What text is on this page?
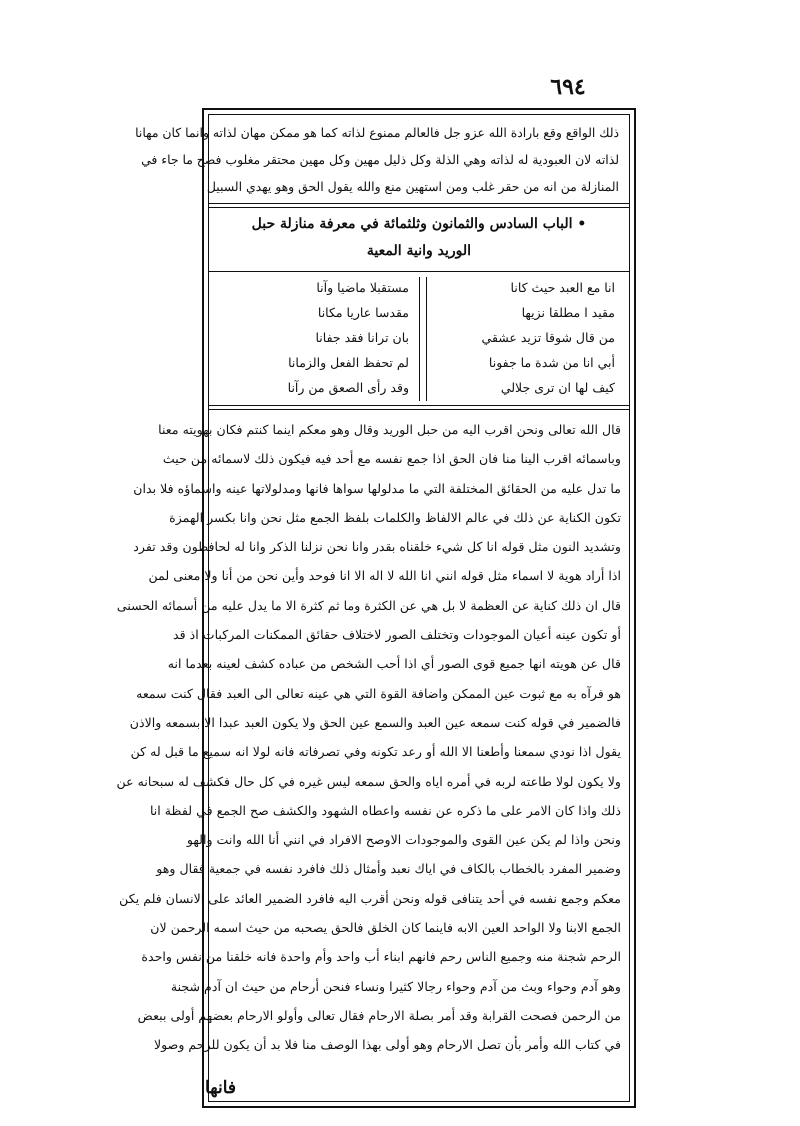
٦٩٤
ذلك الواقع وقع بارادة الله عزو جل فالعالم ممنوع لذاته كما هو ممكن مهان لذاته وانما كان مهانا
لذاته لان العبودية له لذاته وهي الذلة وكل ذليل مهين وكل مهين محتقر مغلوب فصح ما جاء في
المنازلة من انه من حقر غلب ومن استهين منع والله يقول الحق وهو يهدي السبيل
• الباب السادس والثمانون وثلثمائة في معرفة منازلة حبل
الوريد وانية المعية
انا مع العبد حيث كانا
مقيد ا مطلقا نزيها
من قال شوقا تزيد عشقي
أبي انا من شدة ما جفونا
كيف لها ان ترى جلالي
مستقبلا ماضيا وآنا
مقدسا عاريا مكانا
بان ترانا فقد جفانا
لم تحفظ الفعل والزمانا
وقد رأى الصعق من رآنا
قال الله تعالى ونحن اقرب اليه من حبل الوريد وقال وهو معكم اينما كنتم فكان بهويته معنا
وباسمائه اقرب الينا منا فان الحق اذا جمع نفسه مع أحد فيه فيكون ذلك لاسمائه من حيث
ما تدل عليه من الحقائق المختلفة التي ما مدلولها سواها فانها ومدلولاتها عينه واسماؤه فلا بدان
تكون الكناية عن ذلك في عالم الالفاظ والكلمات بلفظ الجمع مثل نحن وانا بكسر الهمزة
وتشديد النون مثل قوله انا كل شيء خلقناه بقدر وانا نحن نزلنا الذكر وانا له لحافظون وقد تفرد
اذا أراد هوية لا اسماء مثل قوله انني انا الله لا اله الا انا فوحد وأين نحن من أنا ولا معنى لمن
قال ان ذلك كناية عن العظمة لا بل هي عن الكثرة وما ثم كثرة الا ما يدل عليه من أسمائه الحسنى
أو تكون عينه أعيان الموجودات وتختلف الصور لاختلاف حقائق الممكنات المركبات اذ قد
قال عن هويته انها جميع قوى الصور أي اذا أحب الشخص من عباده كشف لعينه بعدما انه
هو فرآه به مع ثبوت عين الممكن واضافة القوة التي هي عينه تعالى الى العبد فقال كنت سمعه
فالضمير في قوله كنت سمعه عين العبد والسمع عين الحق ولا يكون العبد عبدا الا بسمعه والاذن
يقول اذا نودي سمعنا وأطعنا الا الله أو رعد تكونه وفي تصرفاته فانه لولا انه سميع ما قبل له كن
ولا يكون لولا طاعته لربه في أمره اياه والحق سمعه ليس غيره في كل حال فكشف له سبحانه عن
ذلك واذا كان الامر على ما ذكره عن نفسه واعطاه الشهود والكشف صح الجمع في لفظة انا
ونحن واذا لم يكن عين القوى والموجودات الاوصح الافراد في انني أنا الله وانت والهو
وضمير المفرد بالخطاب بالكاف في اياك نعبد وأمثال ذلك فافرد نفسه في جمعية فقال وهو
معكم وجمع نفسه في أحد يتنافى قوله ونحن أقرب اليه فافرد الضمير العائد على الانسان فلم يكن
الجمع الابنا ولا الواحد العين الابه فاينما كان الخلق فالحق يصحبه من حيث اسمه الرحمن لان
الرحم شجنة منه وجميع الناس رحم فانهم ابناء أب واحد وأم واحدة فانه خلقنا من نفس واحدة
وهو آدم وحواء وبث من آدم وحواء رجالا كثيرا ونساء فنحن أرحام من حيث ان آدم شجنة
من الرحمن فصحت القرابة وقد أمر بصلة الارحام فقال تعالى وأولو الارحام بعضهم أولى ببعض
في كتاب الله وأمر بأن تصل الارحام وهو أولى بهذا الوصف منا فلا بد أن يكون للرحم وصولا
فانها
